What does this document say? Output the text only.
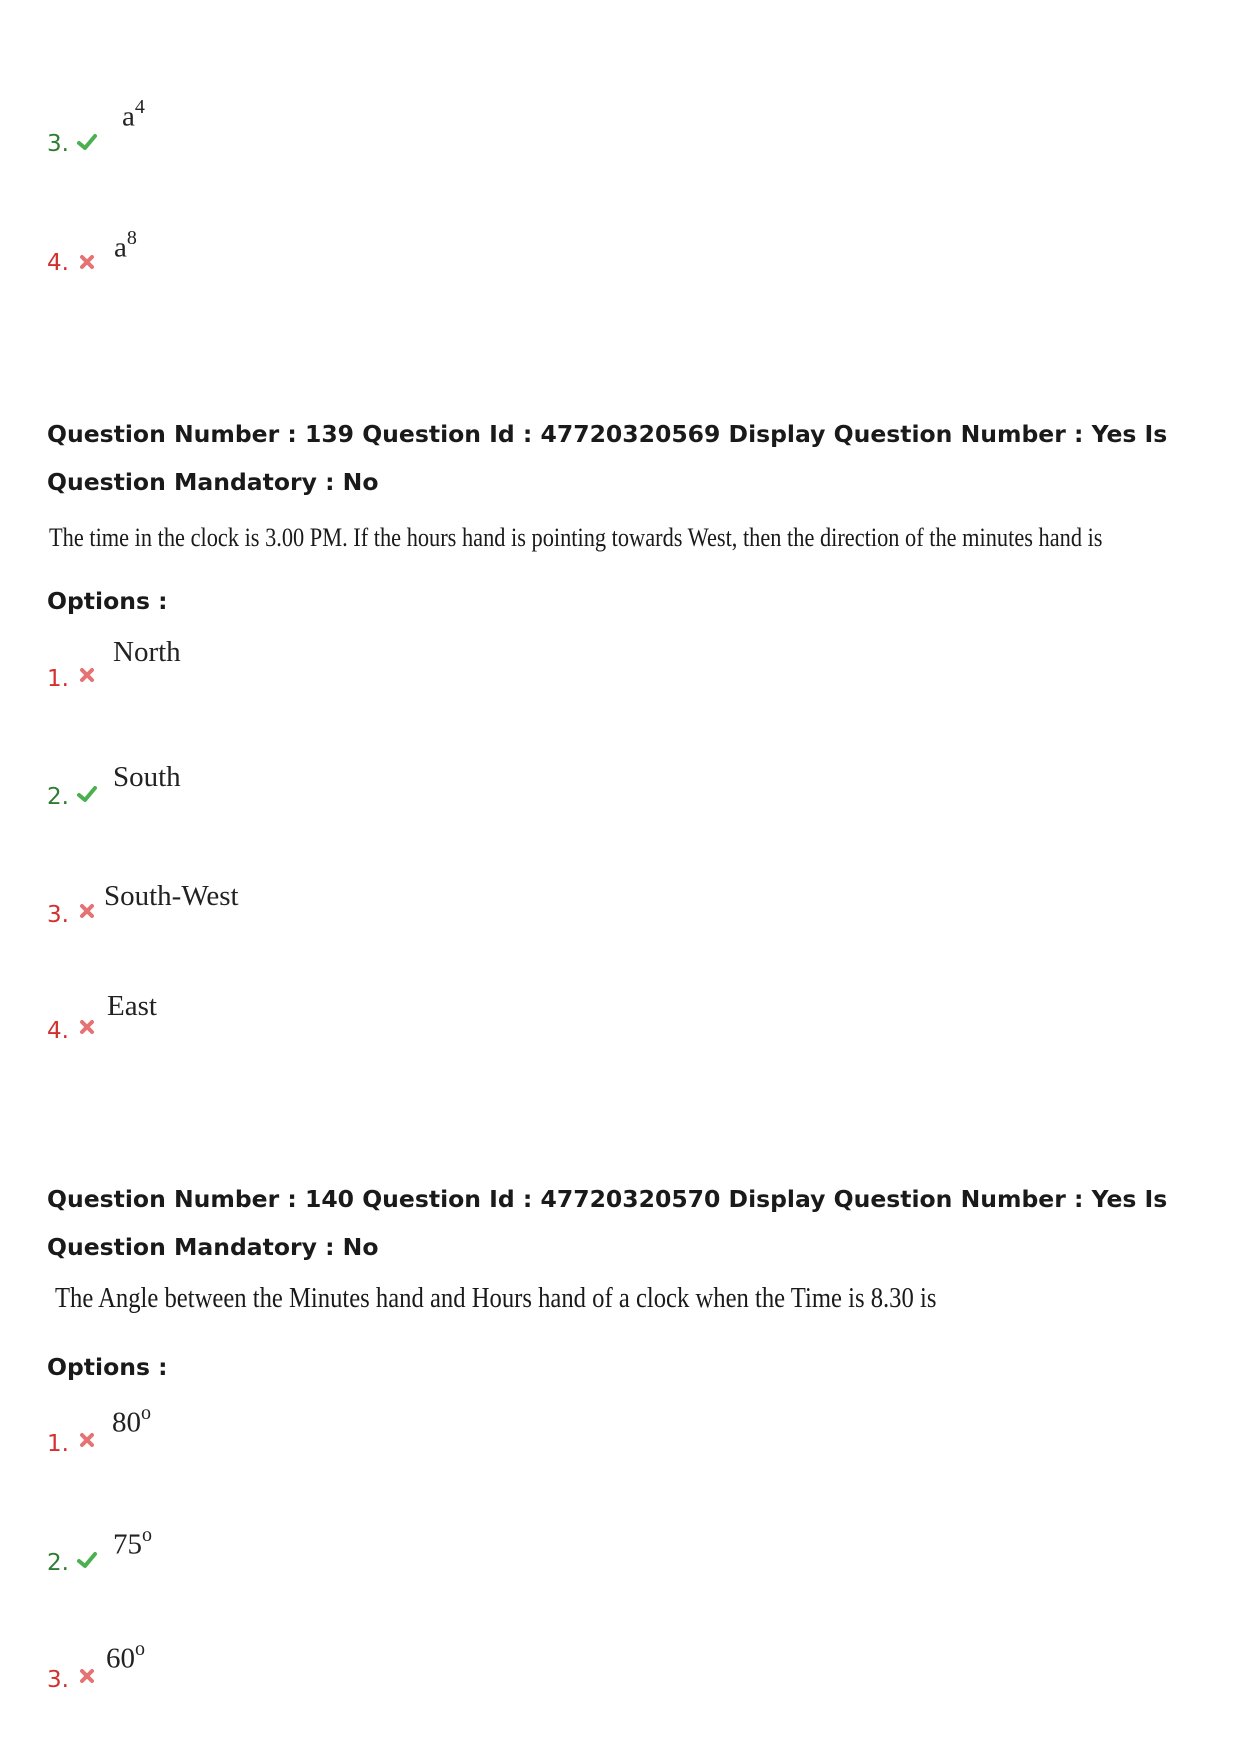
3.
$a^4$
4. $a^8$
Question Number : 139 Question Id : 47720320569 Display Question Number : Yes Is Question Mandatory : No
The time in the clock is 3.00 PM. If the hours hand is pointing towards West, then the direction of the minutes hand is
Options :
1.
North
2.
South
3.
South-West
4.
East
Question Number : 140 Question Id : 47720320570 Display Question Number : Yes Is Question Mandatory : No
The Angle between the Minutes hand and Hours hand of a clock when the Time is 8.30 is
Options :
1.
80$^o$
2.
75$^o$
3.
60$^o$
